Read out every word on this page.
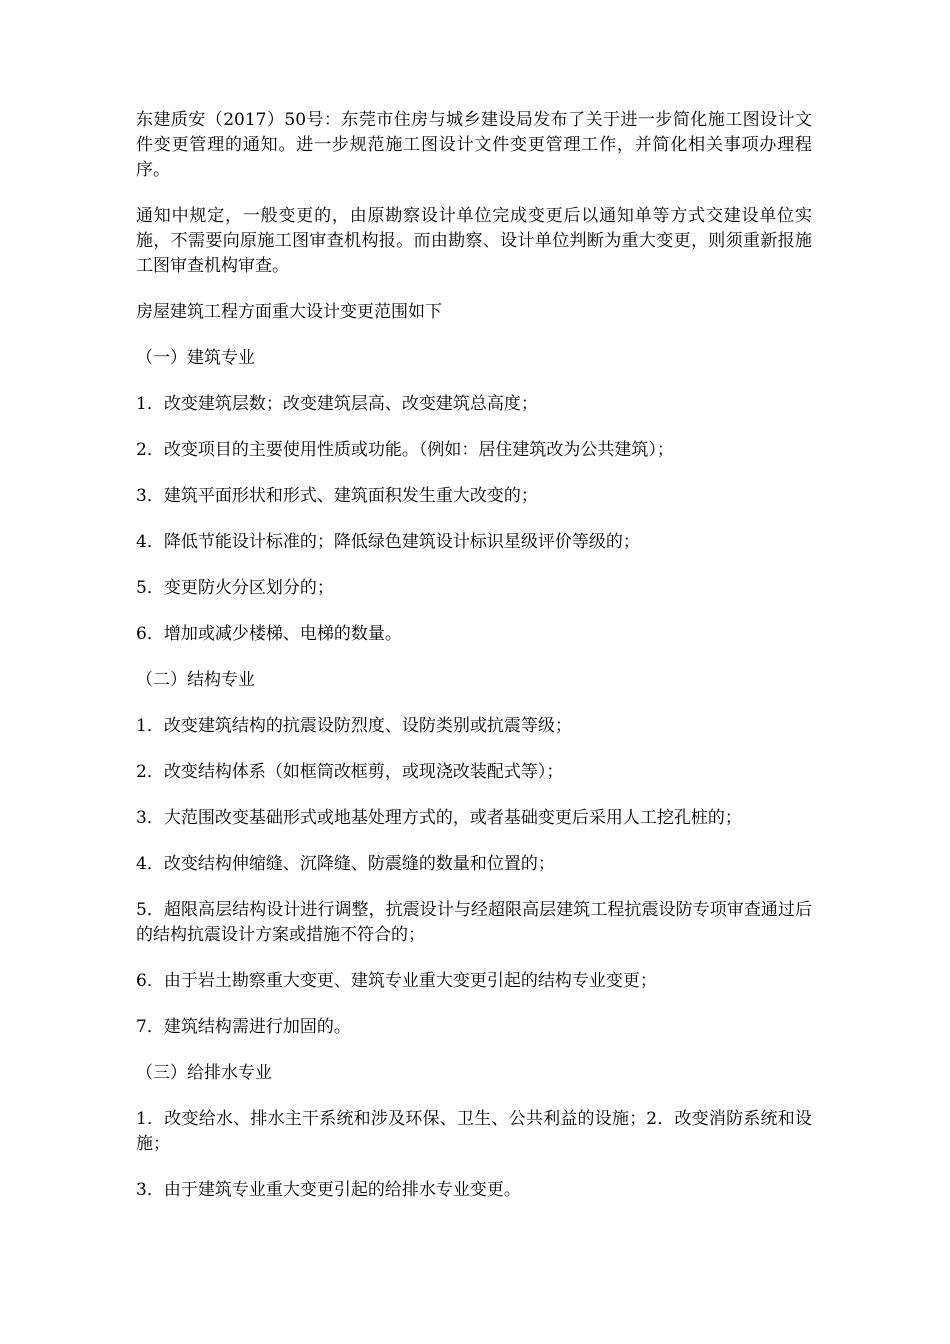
东建质安（2017）50号：东莞市住房与城乡建设局发布了关于进一步简化施工图设计文件变更管理的通知。进一步规范施工图设计文件变更管理工作，并简化相关事项办理程序。

通知中规定，一般变更的，由原勘察设计单位完成变更后以通知单等方式交建设单位实施，不需要向原施工图审查机构报。而由勘察、设计单位判断为重大变更，则须重新报施工图审查机构审查。

房屋建筑工程方面重大设计变更范围如下

（一）建筑专业

1．改变建筑层数；改变建筑层高、改变建筑总高度；

2．改变项目的主要使用性质或功能。（例如：居住建筑改为公共建筑）；

3．建筑平面形状和形式、建筑面积发生重大改变的；

4．降低节能设计标准的；降低绿色建筑设计标识星级评价等级的；

5．变更防火分区划分的；

6．增加或减少楼梯、电梯的数量。

（二）结构专业

1．改变建筑结构的抗震设防烈度、设防类别或抗震等级；

2．改变结构体系（如框筒改框剪，或现浇改装配式等）；

3．大范围改变基础形式或地基处理方式的，或者基础变更后采用人工挖孔桩的；

4．改变结构伸缩缝、沉降缝、防震缝的数量和位置的；

5．超限高层结构设计进行调整，抗震设计与经超限高层建筑工程抗震设防专项审查通过后的结构抗震设计方案或措施不符合的；

6．由于岩土勘察重大变更、建筑专业重大变更引起的结构专业变更；

7．建筑结构需进行加固的。

（三）给排水专业

1．改变给水、排水主干系统和涉及环保、卫生、公共利益的设施；2．改变消防系统和设施；

3．由于建筑专业重大变更引起的给排水专业变更。
